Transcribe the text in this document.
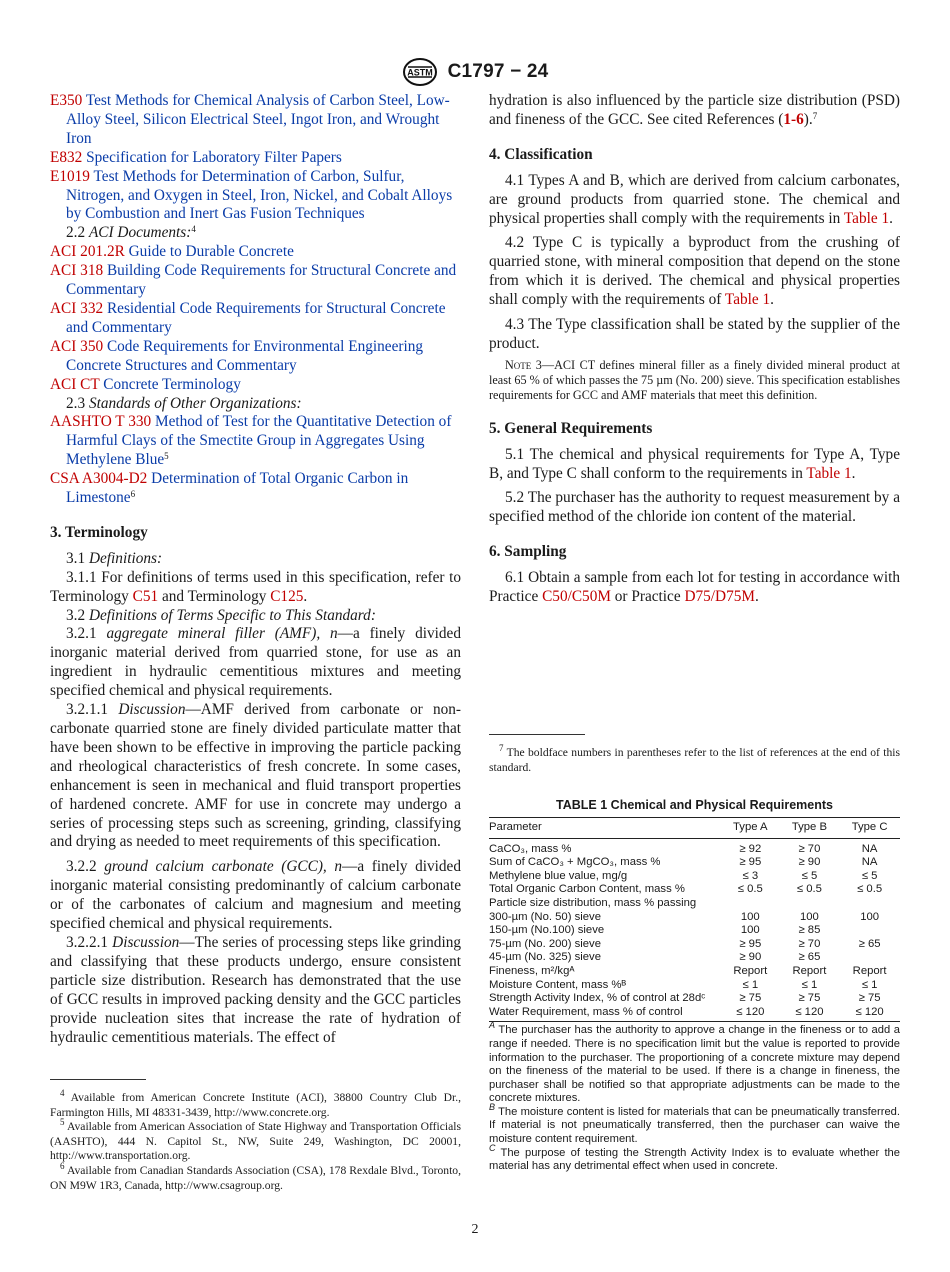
ASTM C1797 − 24
E350 Test Methods for Chemical Analysis of Carbon Steel, Low-Alloy Steel, Silicon Electrical Steel, Ingot Iron, and Wrought Iron
E832 Specification for Laboratory Filter Papers
E1019 Test Methods for Determination of Carbon, Sulfur, Nitrogen, and Oxygen in Steel, Iron, Nickel, and Cobalt Alloys by Combustion and Inert Gas Fusion Techniques
2.2 ACI Documents:$^4$
ACI 201.2R Guide to Durable Concrete
ACI 318 Building Code Requirements for Structural Concrete and Commentary
ACI 332 Residential Code Requirements for Structural Concrete and Commentary
ACI 350 Code Requirements for Environmental Engineering Concrete Structures and Commentary
ACI CT Concrete Terminology
2.3 Standards of Other Organizations:
AASHTO T 330 Method of Test for the Quantitative Detection of Harmful Clays of the Smectite Group in Aggregates Using Methylene Blue$^5$
CSA A3004-D2 Determination of Total Organic Carbon in Limestone$^6$
3. Terminology

3.1 Definitions:

3.1.1 For definitions of terms used in this specification, refer to Terminology C51 and Terminology C125.

3.2 Definitions of Terms Specific to This Standard:

3.2.1 aggregate mineral filler (AMF), n—a finely divided inorganic material derived from quarried stone, for use as an ingredient in hydraulic cementitious mixtures and meeting specified chemical and physical requirements.

3.2.1.1 Discussion—AMF derived from carbonate or non-carbonate quarried stone are finely divided particulate matter that have been shown to be effective in improving the particle packing and rheological characteristics of fresh concrete. In some cases, enhancement is seen in mechanical and fluid transport properties of hardened concrete. AMF for use in concrete may undergo a series of processing steps such as screening, grinding, classifying and drying as needed to meet requirements of this specification.

3.2.2 ground calcium carbonate (GCC), n—a finely divided inorganic material consisting predominantly of calcium carbonate or of the carbonates of calcium and magnesium and meeting specified chemical and physical requirements.

3.2.2.1 Discussion—The series of processing steps like grinding and classifying that these products undergo, ensure consistent particle size distribution. Research has demonstrated that the use of GCC results in improved packing density and the GCC particles provide nucleation sites that increase the rate of hydration of hydraulic cementitious materials. The effect of

$^4$ Available from American Concrete Institute (ACI), 38800 Country Club Dr., Farmington Hills, MI 48331-3439, http://www.concrete.org.

$^5$ Available from American Association of State Highway and Transportation Officials (AASHTO), 444 N. Capitol St., NW, Suite 249, Washington, DC 20001, http://www.transportation.org.

$^6$ Available from Canadian Standards Association (CSA), 178 Rexdale Blvd., Toronto, ON M9W 1R3, Canada, http://www.csagroup.org.

hydration is also influenced by the particle size distribution (PSD) and fineness of the GCC. See cited References (1-6).$^7$

4. Classification

4.1 Types A and B, which are derived from calcium carbonates, are ground products from quarried stone. The chemical and physical properties shall comply with the requirements in Table 1.

4.2 Type C is typically a byproduct from the crushing of quarried stone, with mineral composition that depend on the stone from which it is derived. The chemical and physical properties shall comply with the requirements of Table 1.

4.3 The Type classification shall be stated by the supplier of the product.

Note 3—ACI CT defines mineral filler as a finely divided mineral product at least 65 % of which passes the 75 µm (No. 200) sieve. This specification establishes requirements for GCC and AMF materials that meet this definition.

5. General Requirements

5.1 The chemical and physical requirements for Type A, Type B, and Type C shall conform to the requirements in Table 1.

5.2 The purchaser has the authority to request measurement by a specified method of the chloride ion content of the material.

6. Sampling

6.1 Obtain a sample from each lot for testing in accordance with Practice C50/C50M or Practice D75/D75M.

$^7$ The boldface numbers in parentheses refer to the list of references at the end of this standard.

TABLE 1 Chemical and Physical Requirements
Parameter	Type A	Type B	Type C
CaCO₃, mass %	≥ 92	≥ 70	NA
Sum of CaCO₃ + MgCO₃, mass %	≥ 95	≥ 90	NA
Methylene blue value, mg/g	≤ 3	≤ 5	≤ 5
Total Organic Carbon Content, mass %	≤ 0.5	≤ 0.5	≤ 0.5
Particle size distribution, mass % passing			
300-µm (No. 50) sieve	100	100	100
150-µm (No.100) sieve	100	≥ 85	
75-µm (No. 200) sieve	≥ 95	≥ 70	≥ 65
45-µm (No. 325) sieve	≥ 90	≥ 65	
Fineness, m²/kgᴬ	Report	Report	Report
Moisture Content, mass %ᴮ	≤ 1	≤ 1	≤ 1
Strength Activity Index, % of control at 28dᶜ	≥ 75	≥ 75	≥ 75
Water Requirement, mass % of control	≤ 120	≤ 120	≤ 120

$^A$ The purchaser has the authority to approve a change in the fineness or to add a range if needed. There is no specification limit but the value is reported to provide information to the purchaser. The proportioning of a concrete mixture may depend on the fineness of the material to be used. If there is a change in fineness, the purchaser shall be notified so that appropriate adjustments can be made to the concrete mixtures.

$^B$ The moisture content is listed for materials that can be pneumatically transferred. If material is not pneumatically transferred, then the purchaser can waive the moisture content requirement.

$^C$ The purpose of testing the Strength Activity Index is to evaluate whether the material has any detrimental effect when used in concrete.

2
